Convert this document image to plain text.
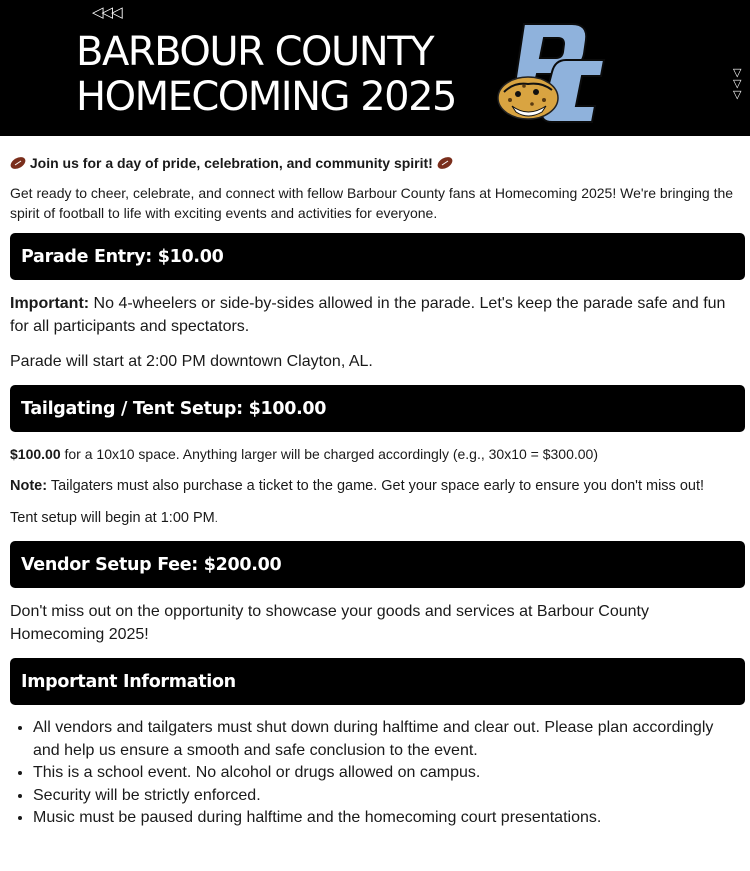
◁◁◁
BARBOUR COUNTY
HOMECOMING 2025
▽▽▽

Join us for a day of pride, celebration, and community spirit!

Get ready to cheer, celebrate, and connect with fellow Barbour County fans at Homecoming 2025! We're bringing the spirit of football to life with exciting events and activities for everyone.

Parade Entry: $10.00

Important: No 4-wheelers or side-by-sides allowed in the parade. Let's keep the parade safe and fun for all participants and spectators.

Parade will start at 2:00 PM downtown Clayton, AL.

Tailgating / Tent Setup: $100.00

$100.00 for a 10x10 space. Anything larger will be charged accordingly (e.g., 30x10 = $300.00)

Note: Tailgaters must also purchase a ticket to the game. Get your space early to ensure you don't miss out!

Tent setup will begin at 1:00 PM.

Vendor Setup Fee: $200.00

Don't miss out on the opportunity to showcase your goods and services at Barbour County Homecoming 2025!

Important Information
• All vendors and tailgaters must shut down during halftime and clear out. Please plan accordingly and help us ensure a smooth and safe conclusion to the event.
• This is a school event. No alcohol or drugs allowed on campus.
• Security will be strictly enforced.
• Music must be paused during halftime and the homecoming court presentations.
